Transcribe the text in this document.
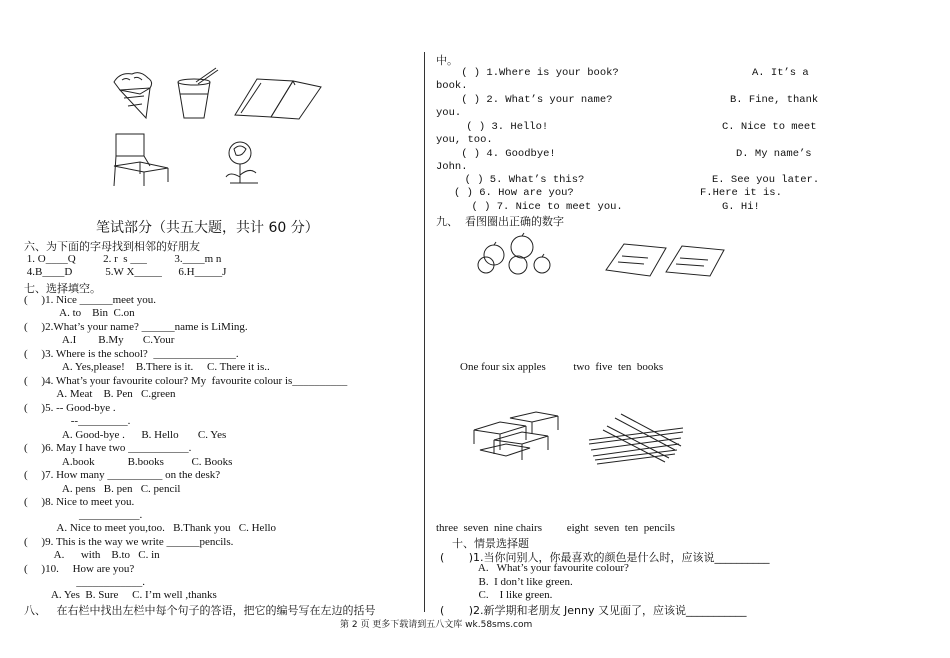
笔试部分（共五大题，共计 60 分）
六、为下面的字母找到相邻的好朋友
1. O____Q          2. r  s ___          3.____m n
4.B____D            5.W X_____      6.H_____J
七、选择填空。
(     )1. Nice ______meet you.
A. to    Bin  C.on
(     )2.What’s your name? ______name is LiMing.
A.I        B.My       C.Your
(     )3. Where is the school?  _______________.
A. Yes,please!    B.There is it.     C. There it is..
(     )4. What’s your favourite colour? My  favourite colour is__________
A. Meat    B. Pen   C.green
(     )5. -- Good-bye .
--_________.
A. Good-bye .      B. Hello       C. Yes
(     )6. May I have two ___________.
A.book            B.books          C. Books
(     )7. How many __________ on the desk?
A. pens   B. pen   C. pencil
(     )8. Nice to meet you.
___________.
A. Nice to meet you,too.   B.Thank you   C. Hello
(     )9. This is the way we write ______pencils.
A.      with    B.to   C. in
(     )10.     How are you?
____________.
A. Yes  B. Sure     C. I’m well ,thanks
八、   在右栏中找出左栏中每个句子的答语，把它的编号写在左边的括号
中。
( ) 1.Where is your book?	A. It’s a
book.
( ) 2. What’s your name?	B. Fine, thank
you.
( ) 3. Hello!	C. Nice to meet
you, too.
( ) 4. Goodbye!	D. My name’s
John.
( ) 5. What’s this?	E. See you later.
( ) 6. How are you?	F.Here it is.
( ) 7. Nice to meet you.	G. Hi!
九、  看图圈出正确的数字
One four six apples          two  five  ten  books
three  seven  nine chairs         eight  seven  ten  pencils
十、情景选择题
(       )1.当你问别人，你最喜欢的颜色是什么时，应该说__________
A.   What’s your favourite colour?
B.  I don’t like green.
C.    I like green.
(       )2.新学期和老朋友 Jenny 又见面了，应该说___________
第 2 页 更多下载请到五八文库 wk.58sms.com
